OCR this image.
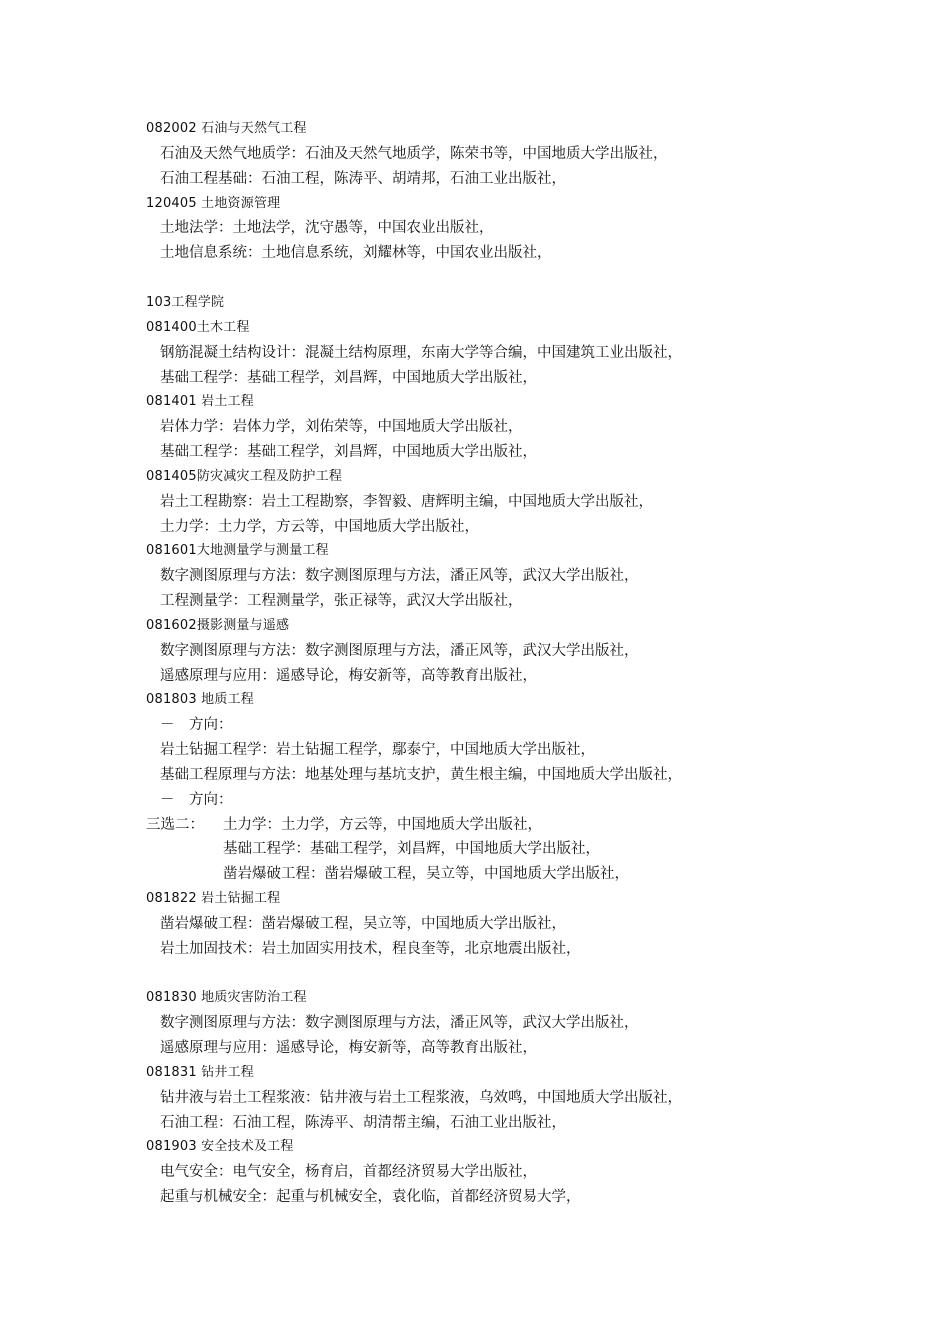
082002 石油与天然气工程
石油及天然气地质学：石油及天然气地质学，陈荣书等，中国地质大学出版社，
石油工程基础：石油工程，陈涛平、胡靖邦，石油工业出版社，
120405 土地资源管理
土地法学：土地法学，沈守愚等，中国农业出版社，
土地信息系统：土地信息系统，刘耀林等，中国农业出版社，
103工程学院
081400土木工程
钢筋混凝土结构设计：混凝土结构原理，东南大学等合编，中国建筑工业出版社，
基础工程学：基础工程学，刘昌辉，中国地质大学出版社，
081401 岩土工程
岩体力学：岩体力学，刘佑荣等，中国地质大学出版社，
基础工程学：基础工程学，刘昌辉，中国地质大学出版社，
081405防灾减灾工程及防护工程
岩土工程勘察：岩土工程勘察，李智毅、唐辉明主编，中国地质大学出版社，
土力学：土力学，方云等，中国地质大学出版社，
081601大地测量学与测量工程
数字测图原理与方法：数字测图原理与方法，潘正风等，武汉大学出版社，
工程测量学：工程测量学，张正禄等，武汉大学出版社，
081602摄影测量与遥感
数字测图原理与方法：数字测图原理与方法，潘正风等，武汉大学出版社，
遥感原理与应用：遥感导论，梅安新等，高等教育出版社，
081803 地质工程
－　方向：
岩土钻掘工程学：岩土钻掘工程学，鄢泰宁，中国地质大学出版社，
基础工程原理与方法：地基处理与基坑支护，黄生根主编，中国地质大学出版社，
－　方向：
三选二： 土力学：土力学，方云等，中国地质大学出版社，
基础工程学：基础工程学，刘昌辉，中国地质大学出版社，
凿岩爆破工程：凿岩爆破工程，吴立等，中国地质大学出版社，
081822 岩土钻掘工程
凿岩爆破工程：凿岩爆破工程，吴立等，中国地质大学出版社，
岩土加固技术：岩土加固实用技术，程良奎等，北京地震出版社，
081830 地质灾害防治工程
数字测图原理与方法：数字测图原理与方法，潘正风等，武汉大学出版社，
遥感原理与应用：遥感导论，梅安新等，高等教育出版社，
081831 钻井工程
钻井液与岩土工程浆液：钻井液与岩土工程浆液，乌效鸣，中国地质大学出版社，
石油工程：石油工程，陈涛平、胡清帮主编，石油工业出版社，
081903 安全技术及工程
电气安全：电气安全，杨育启，首都经济贸易大学出版社，
起重与机械安全：起重与机械安全，袁化临，首都经济贸易大学，
